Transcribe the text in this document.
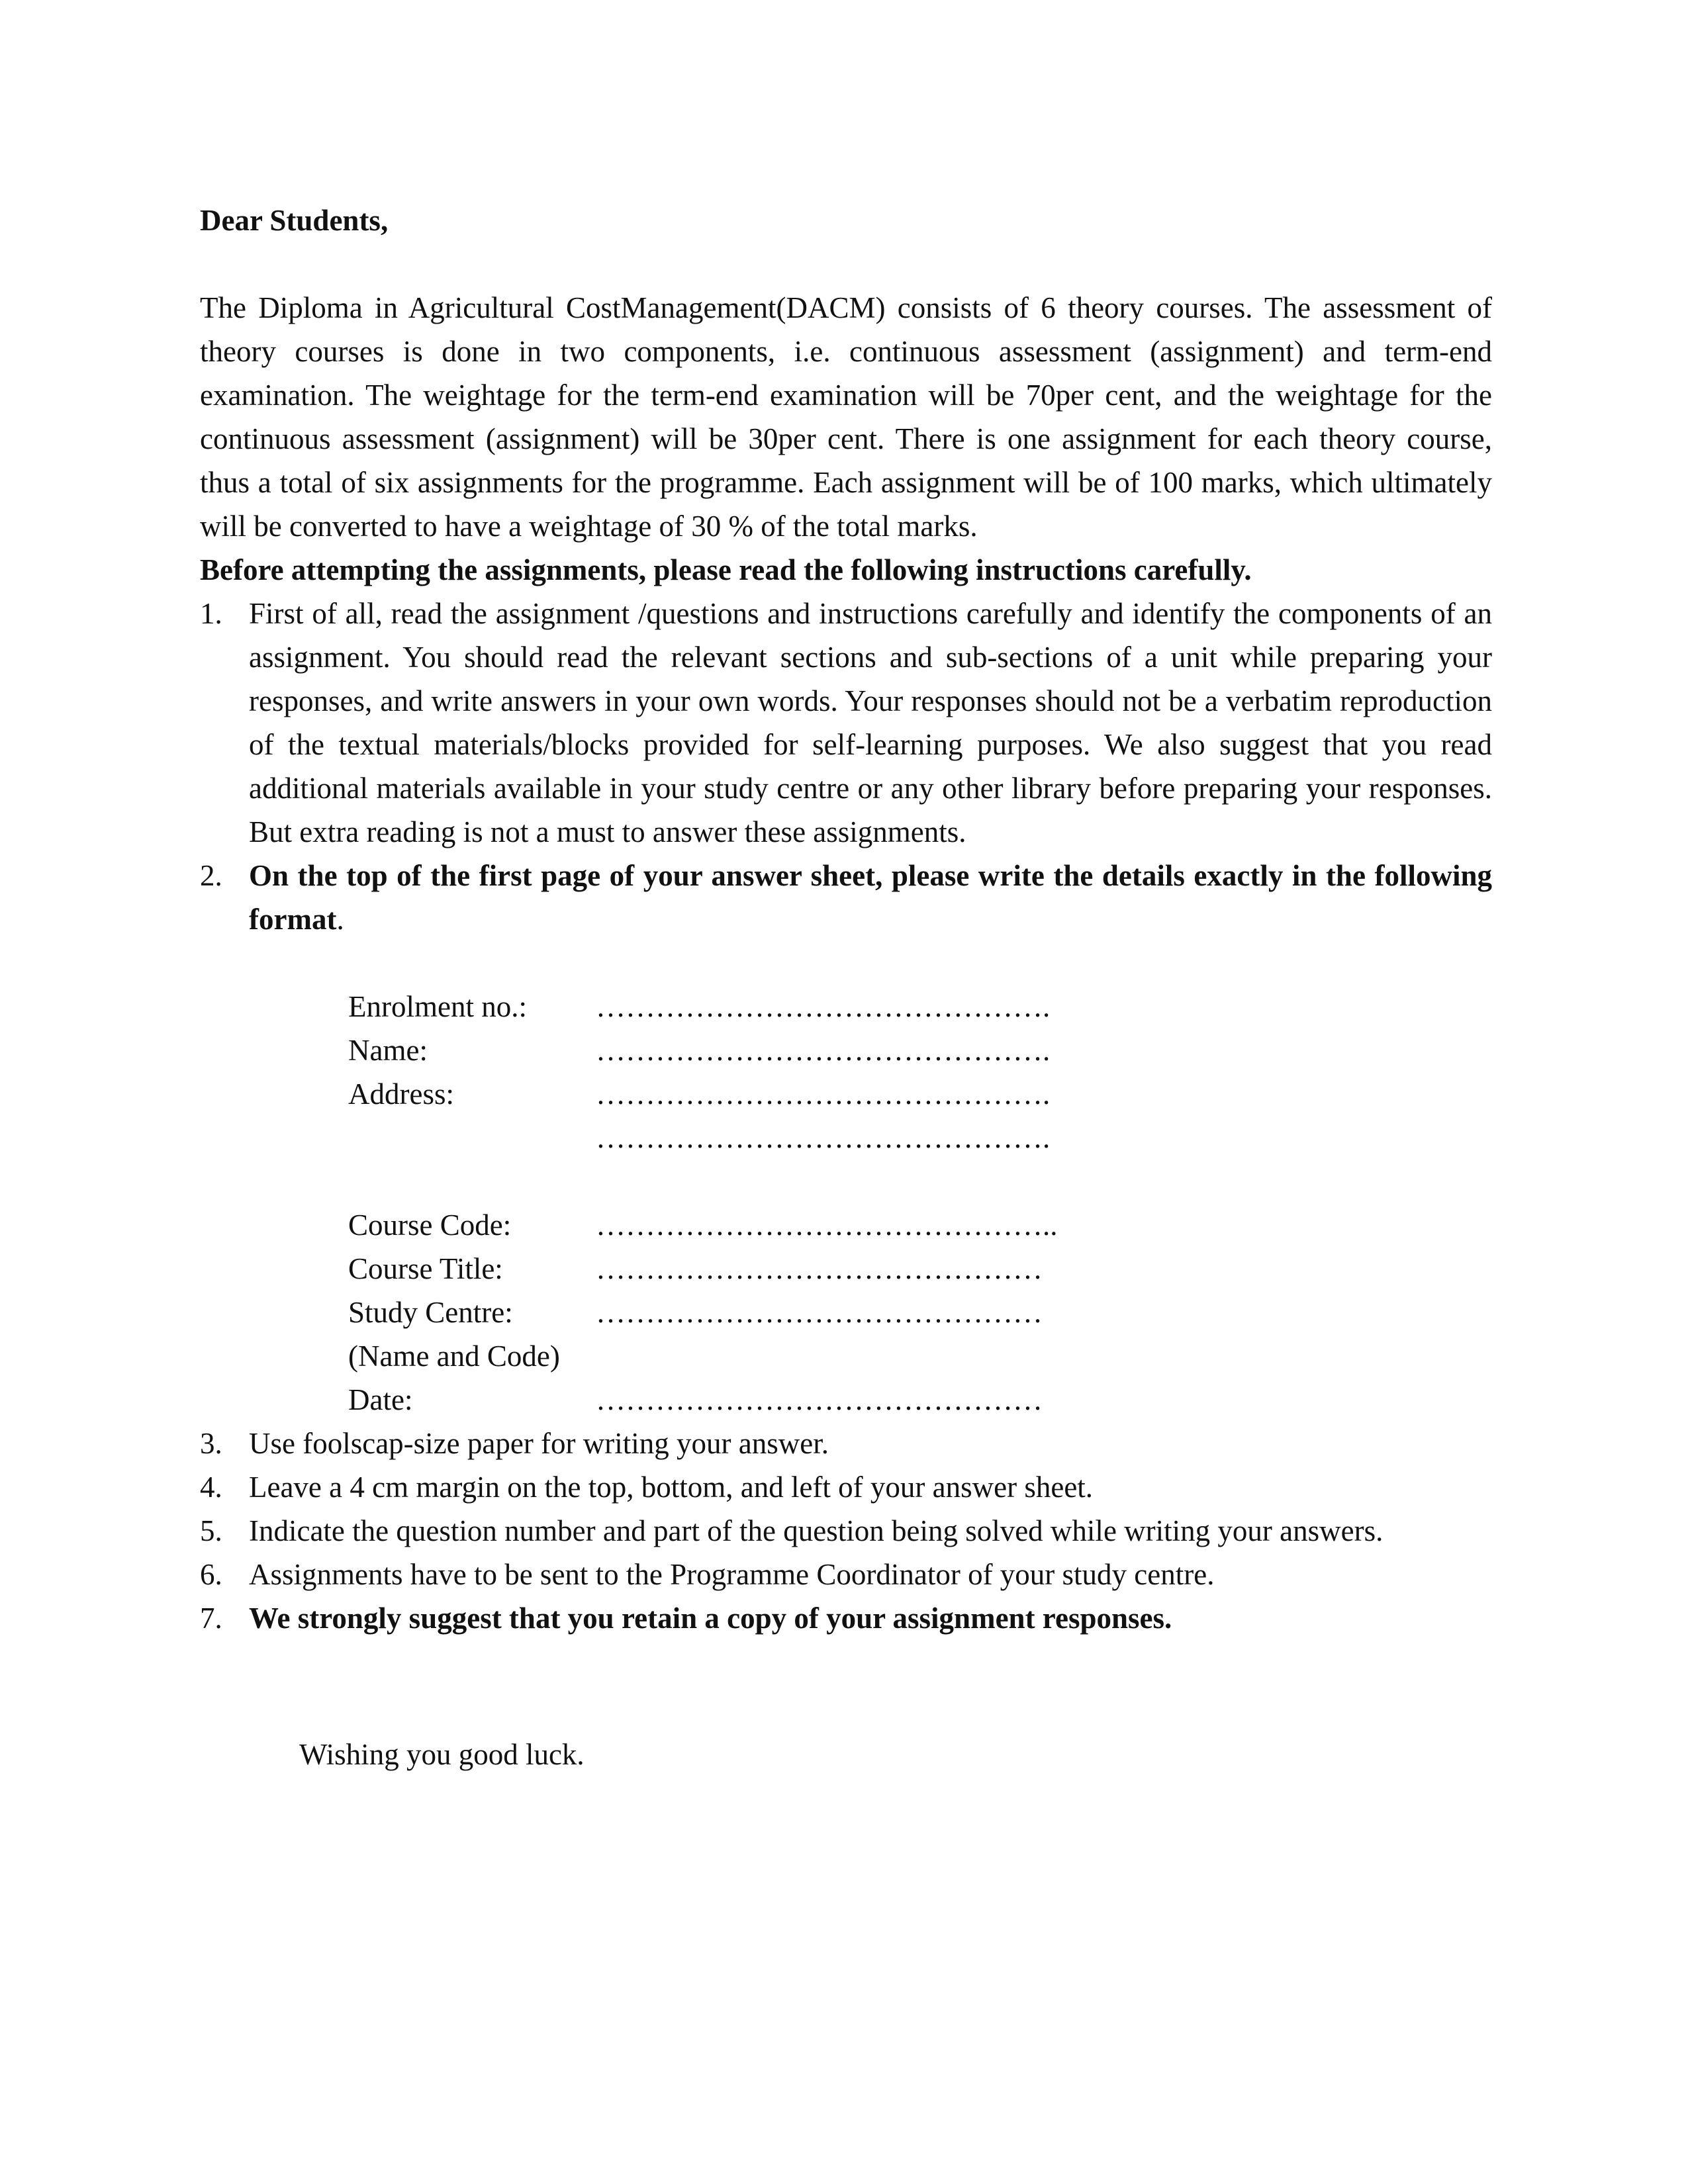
Dear Students,

The Diploma in Agricultural CostManagement(DACM) consists of 6 theory courses. The assessment of theory courses is done in two components, i.e. continuous assessment (assignment) and term-end examination. The weightage for the term-end examination will be 70per cent, and the weightage for the continuous assessment (assignment) will be 30per cent. There is one assignment for each theory course, thus a total of six assignments for the programme. Each assignment will be of 100 marks, which ultimately will be converted to have a weightage of 30 % of the total marks.

Before attempting the assignments, please read the following instructions carefully.

1. First of all, read the assignment /questions and instructions carefully and identify the components of an assignment. You should read the relevant sections and sub-sections of a unit while preparing your responses, and write answers in your own words. Your responses should not be a verbatim reproduction of the textual materials/blocks provided for self-learning purposes. We also suggest that you read additional materials available in your study centre or any other library before preparing your responses. But extra reading is not a must to answer these assignments.
2. On the top of the first page of your answer sheet, please write the details exactly in the following format.
Enrolment no.:	……………………………………….
Name:	……………………………………….
Address:	……………………………………….
……………………………………….
Course Code:	………………………………………..
Course Title:	………………………………………
Study Centre:	………………………………………
(Name and Code)
Date:	………………………………………
3. Use foolscap-size paper for writing your answer.
4. Leave a 4 cm margin on the top, bottom, and left of your answer sheet.
5. Indicate the question number and part of the question being solved while writing your answers.
6. Assignments have to be sent to the Programme Coordinator of your study centre.
7. We strongly suggest that you retain a copy of your assignment responses.

Wishing you good luck.
